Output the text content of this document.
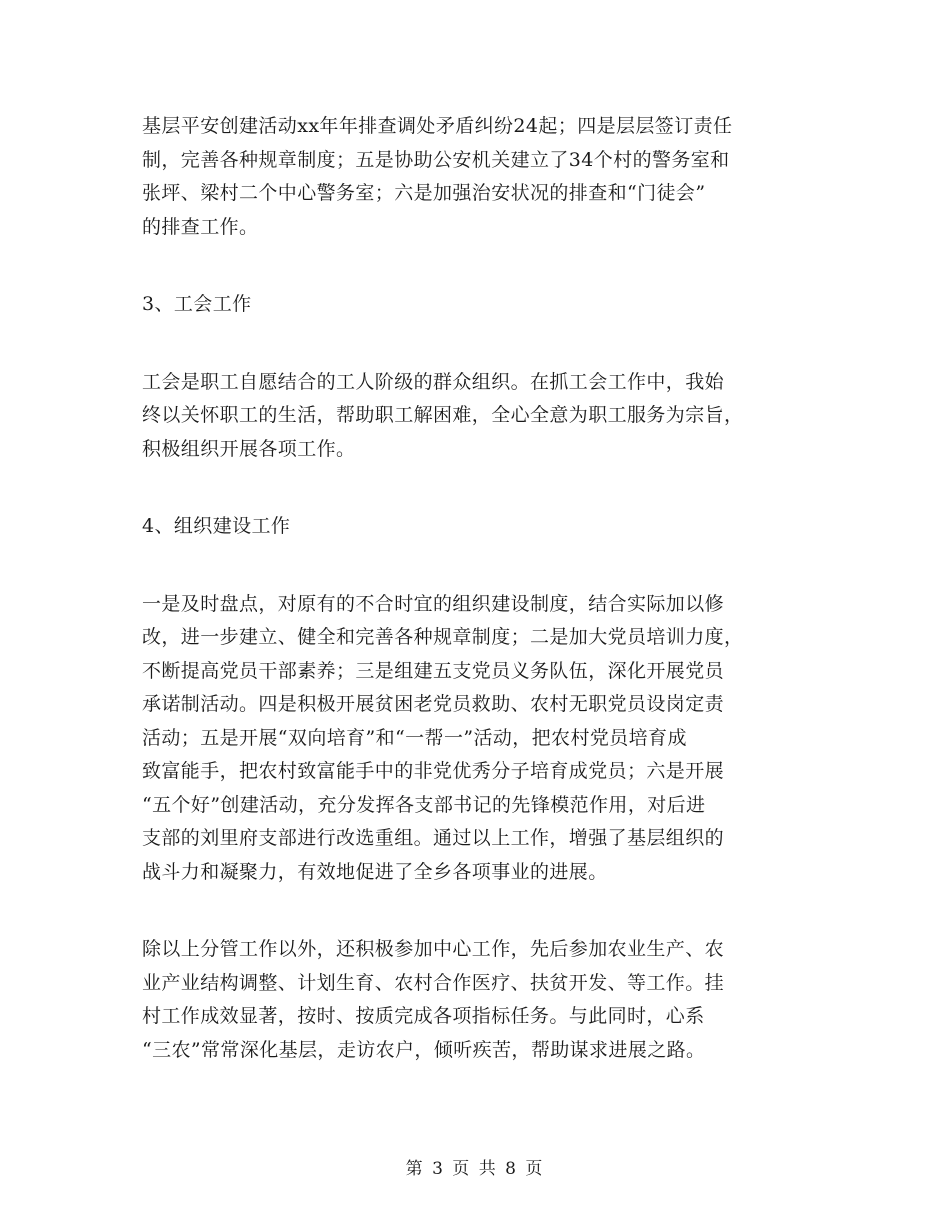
基层平安创建活动xx年年排查调处矛盾纠纷24起；四是层层签订责任
制，完善各种规章制度；五是协助公安机关建立了34个村的警务室和
张坪、梁村二个中心警务室；六是加强治安状况的排查和“门徒会”
的排查工作。
3、工会工作
工会是职工自愿结合的工人阶级的群众组织。在抓工会工作中，我始
终以关怀职工的生活，帮助职工解困难，全心全意为职工服务为宗旨，
积极组织开展各项工作。
4、组织建设工作
一是及时盘点，对原有的不合时宜的组织建设制度，结合实际加以修
改，进一步建立、健全和完善各种规章制度；二是加大党员培训力度，
不断提高党员干部素养；三是组建五支党员义务队伍，深化开展党员
承诺制活动。四是积极开展贫困老党员救助、农村无职党员设岗定责
活动；五是开展“双向培育”和“一帮一”活动，把农村党员培育成
致富能手，把农村致富能手中的非党优秀分子培育成党员；六是开展
“五个好”创建活动，充分发挥各支部书记的先锋模范作用，对后进
支部的刘里府支部进行改选重组。通过以上工作，增强了基层组织的
战斗力和凝聚力，有效地促进了全乡各项事业的进展。
除以上分管工作以外，还积极参加中心工作，先后参加农业生产、农
业产业结构调整、计划生育、农村合作医疗、扶贫开发、等工作。挂
村工作成效显著，按时、按质完成各项指标任务。与此同时，心系
“三农”常常深化基层，走访农户，倾听疾苦，帮助谋求进展之路。
第 3 页 共 8 页
